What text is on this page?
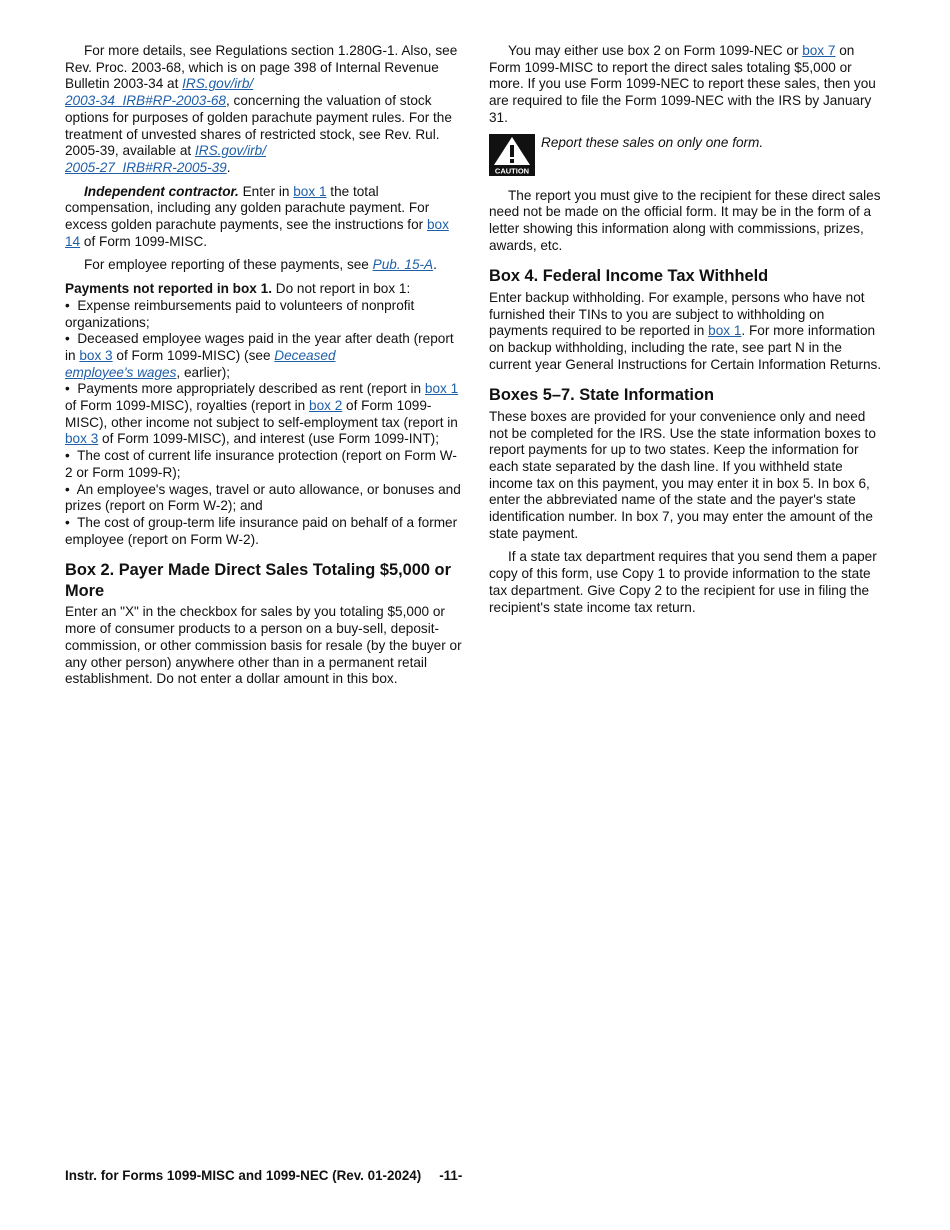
For more details, see Regulations section 1.280G-1. Also, see Rev. Proc. 2003-68, which is on page 398 of Internal Revenue Bulletin 2003-34 at IRS.gov/irb/
2003-34_IRB#RP-2003-68, concerning the valuation of stock options for purposes of golden parachute payment rules. For the treatment of unvested shares of restricted stock, see Rev. Rul. 2005-39, available at IRS.gov/irb/
2005-27_IRB#RR-2005-39.

Independent contractor. Enter in box 1 the total compensation, including any golden parachute payment. For excess golden parachute payments, see the instructions for box 14 of Form 1099-MISC.

For employee reporting of these payments, see Pub. 15-A.

Payments not reported in box 1. Do not report in box 1:

•  Expense reimbursements paid to volunteers of nonprofit organizations;

•  Deceased employee wages paid in the year after death (report in box 3 of Form 1099-MISC) (see Deceased
employee's wages, earlier);

•  Payments more appropriately described as rent (report in box 1 of Form 1099-MISC), royalties (report in box 2 of Form 1099-MISC), other income not subject to self-employment tax (report in box 3 of Form 1099-MISC), and interest (use Form 1099-INT);

•  The cost of current life insurance protection (report on Form W-2 or Form 1099-R);

•  An employee's wages, travel or auto allowance, or bonuses and prizes (report on Form W-2); and

•  The cost of group-term life insurance paid on behalf of a former employee (report on Form W-2).

Box 2. Payer Made Direct Sales Totaling $5,000 or More

Enter an "X" in the checkbox for sales by you totaling $5,000 or more of consumer products to a person on a buy-sell, deposit-commission, or other commission basis for resale (by the buyer or any other person) anywhere other than in a permanent retail establishment. Do not enter a dollar amount in this box.

You may either use box 2 on Form 1099-NEC or box 7 on Form 1099-MISC to report the direct sales totaling $5,000 or more. If you use Form 1099-NEC to report these sales, then you are required to file the Form 1099-NEC with the IRS by January 31.

CAUTION
Report these sales on only one form.

The report you must give to the recipient for these direct sales need not be made on the official form. It may be in the form of a letter showing this information along with commissions, prizes, awards, etc.

Box 4. Federal Income Tax Withheld

Enter backup withholding. For example, persons who have not furnished their TINs to you are subject to withholding on payments required to be reported in box 1. For more information on backup withholding, including the rate, see part N in the current year General Instructions for Certain Information Returns.

Boxes 5–7. State Information

These boxes are provided for your convenience only and need not be completed for the IRS. Use the state information boxes to report payments for up to two states. Keep the information for each state separated by the dash line. If you withheld state income tax on this payment, you may enter it in box 5. In box 6, enter the abbreviated name of the state and the payer's state identification number. In box 7, you may enter the amount of the state payment.

If a state tax department requires that you send them a paper copy of this form, use Copy 1 to provide information to the state tax department. Give Copy 2 to the recipient for use in filing the recipient's state income tax return.

Instr. for Forms 1099-MISC and 1099-NEC (Rev. 01-2024) -11-
